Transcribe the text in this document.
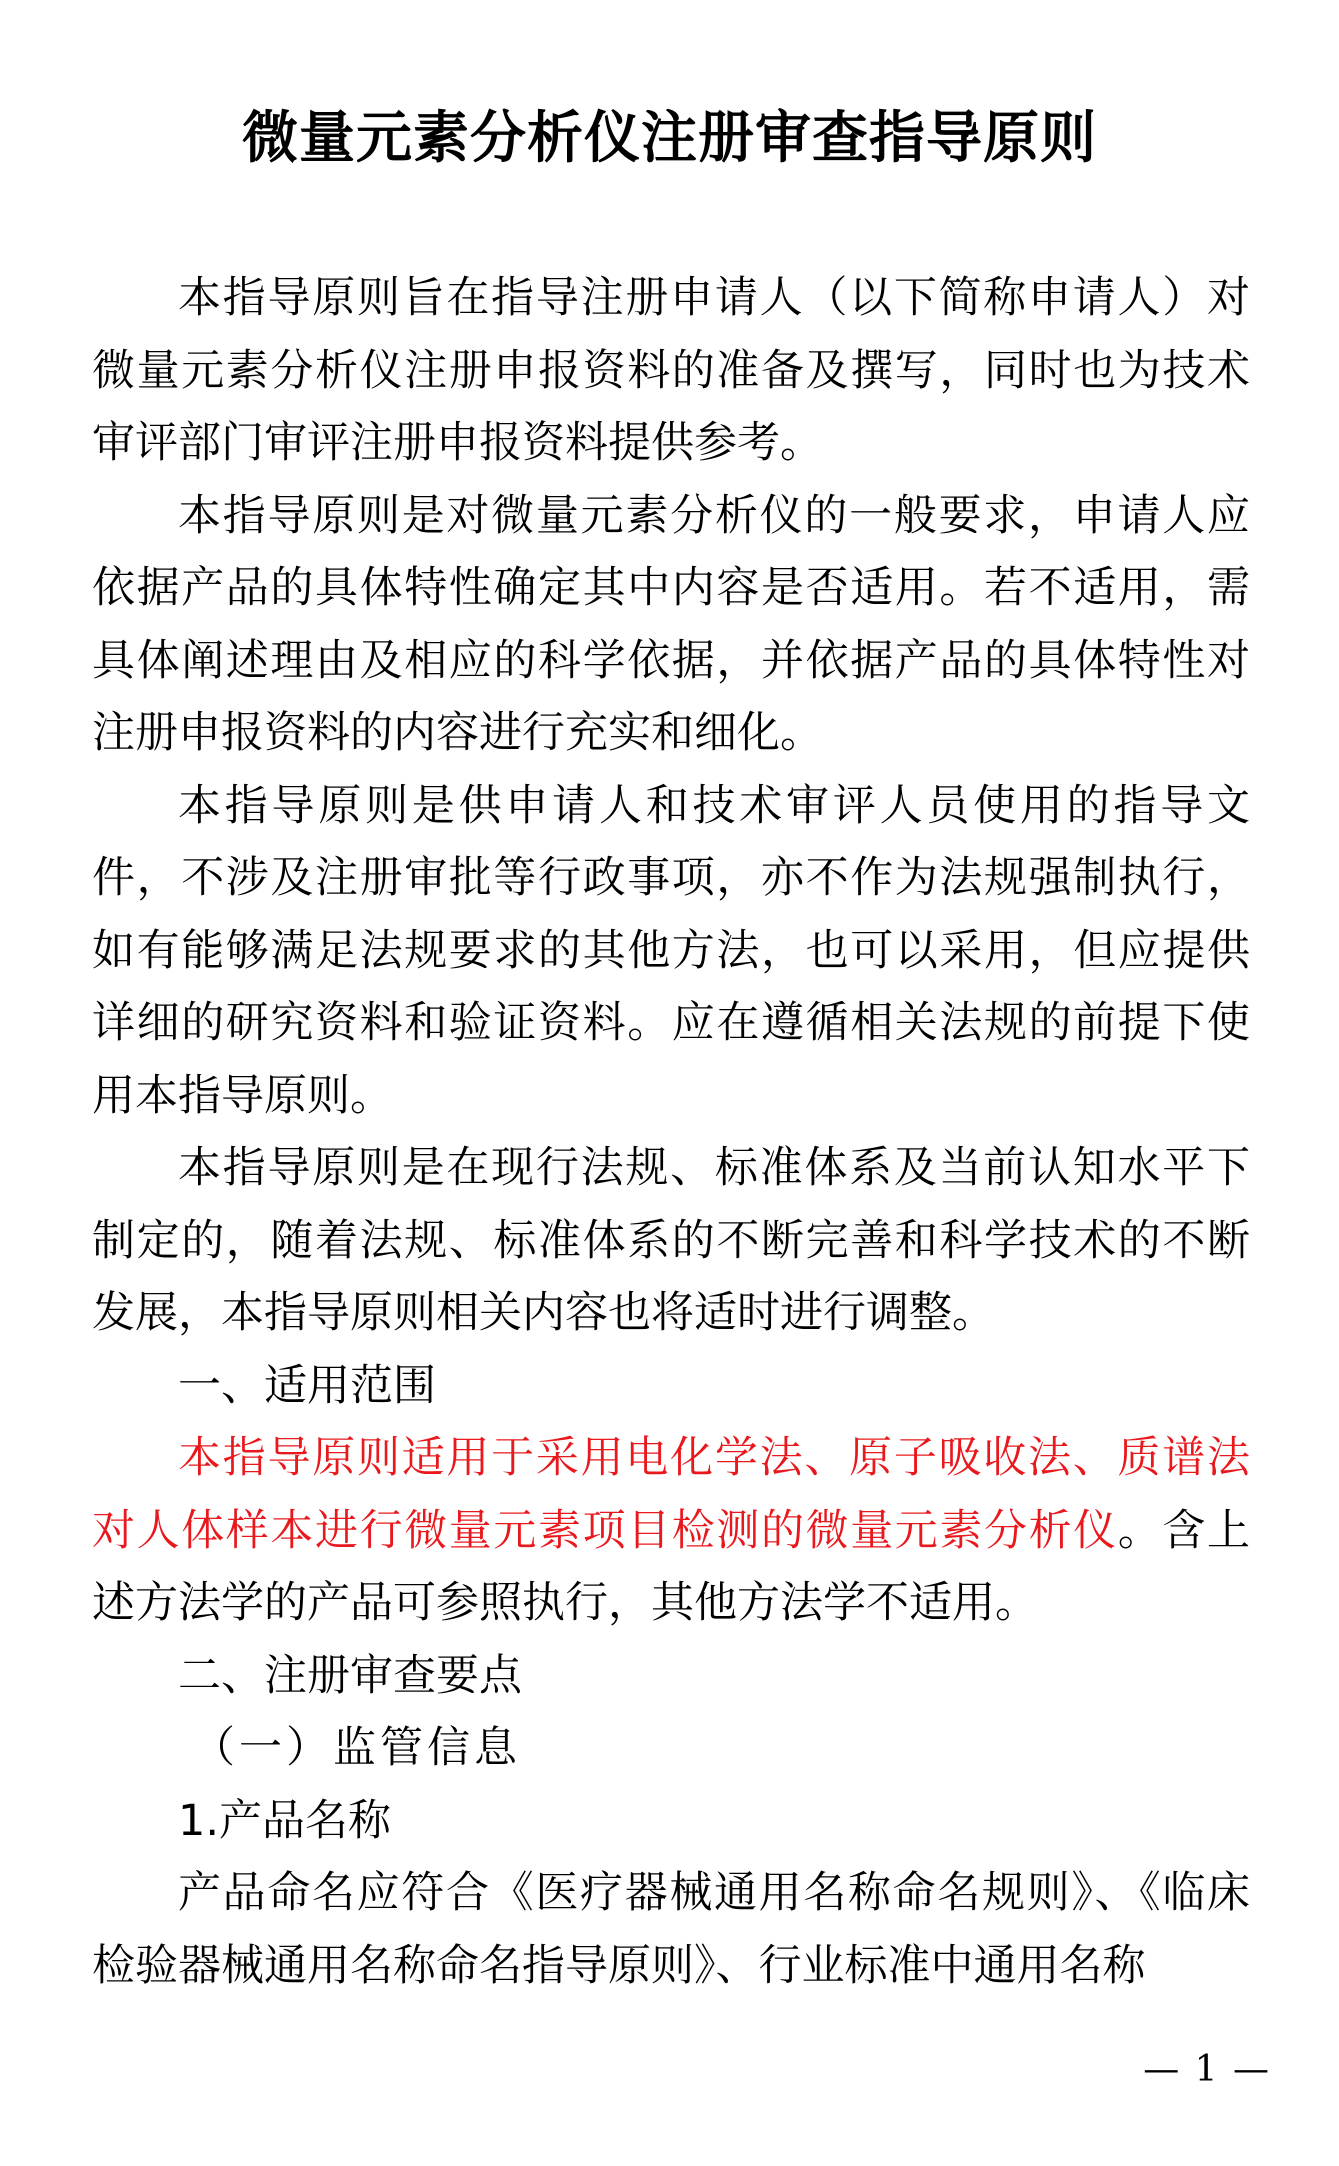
微量元素分析仪注册审查指导原则

本指导原则旨在指导注册申请人（以下简称申请人）对微量元素分析仪注册申报资料的准备及撰写，同时也为技术审评部门审评注册申报资料提供参考。

本指导原则是对微量元素分析仪的一般要求，申请人应依据产品的具体特性确定其中内容是否适用。若不适用，需具体阐述理由及相应的科学依据，并依据产品的具体特性对注册申报资料的内容进行充实和细化。

本指导原则是供申请人和技术审评人员使用的指导文件，不涉及注册审批等行政事项，亦不作为法规强制执行，如有能够满足法规要求的其他方法，也可以采用，但应提供详细的研究资料和验证资料。应在遵循相关法规的前提下使用本指导原则。

本指导原则是在现行法规、标准体系及当前认知水平下制定的，随着法规、标准体系的不断完善和科学技术的不断发展，本指导原则相关内容也将适时进行调整。

一、适用范围

本指导原则适用于采用电化学法、原子吸收法、质谱法对人体样本进行微量元素项目检测的微量元素分析仪。含上述方法学的产品可参照执行，其他方法学不适用。

二、注册审查要点

（一）监管信息

1.产品名称

产品命名应符合《医疗器械通用名称命名规则》、《临床检验器械通用名称命名指导原则》、行业标准中通用名称

— 1 —
